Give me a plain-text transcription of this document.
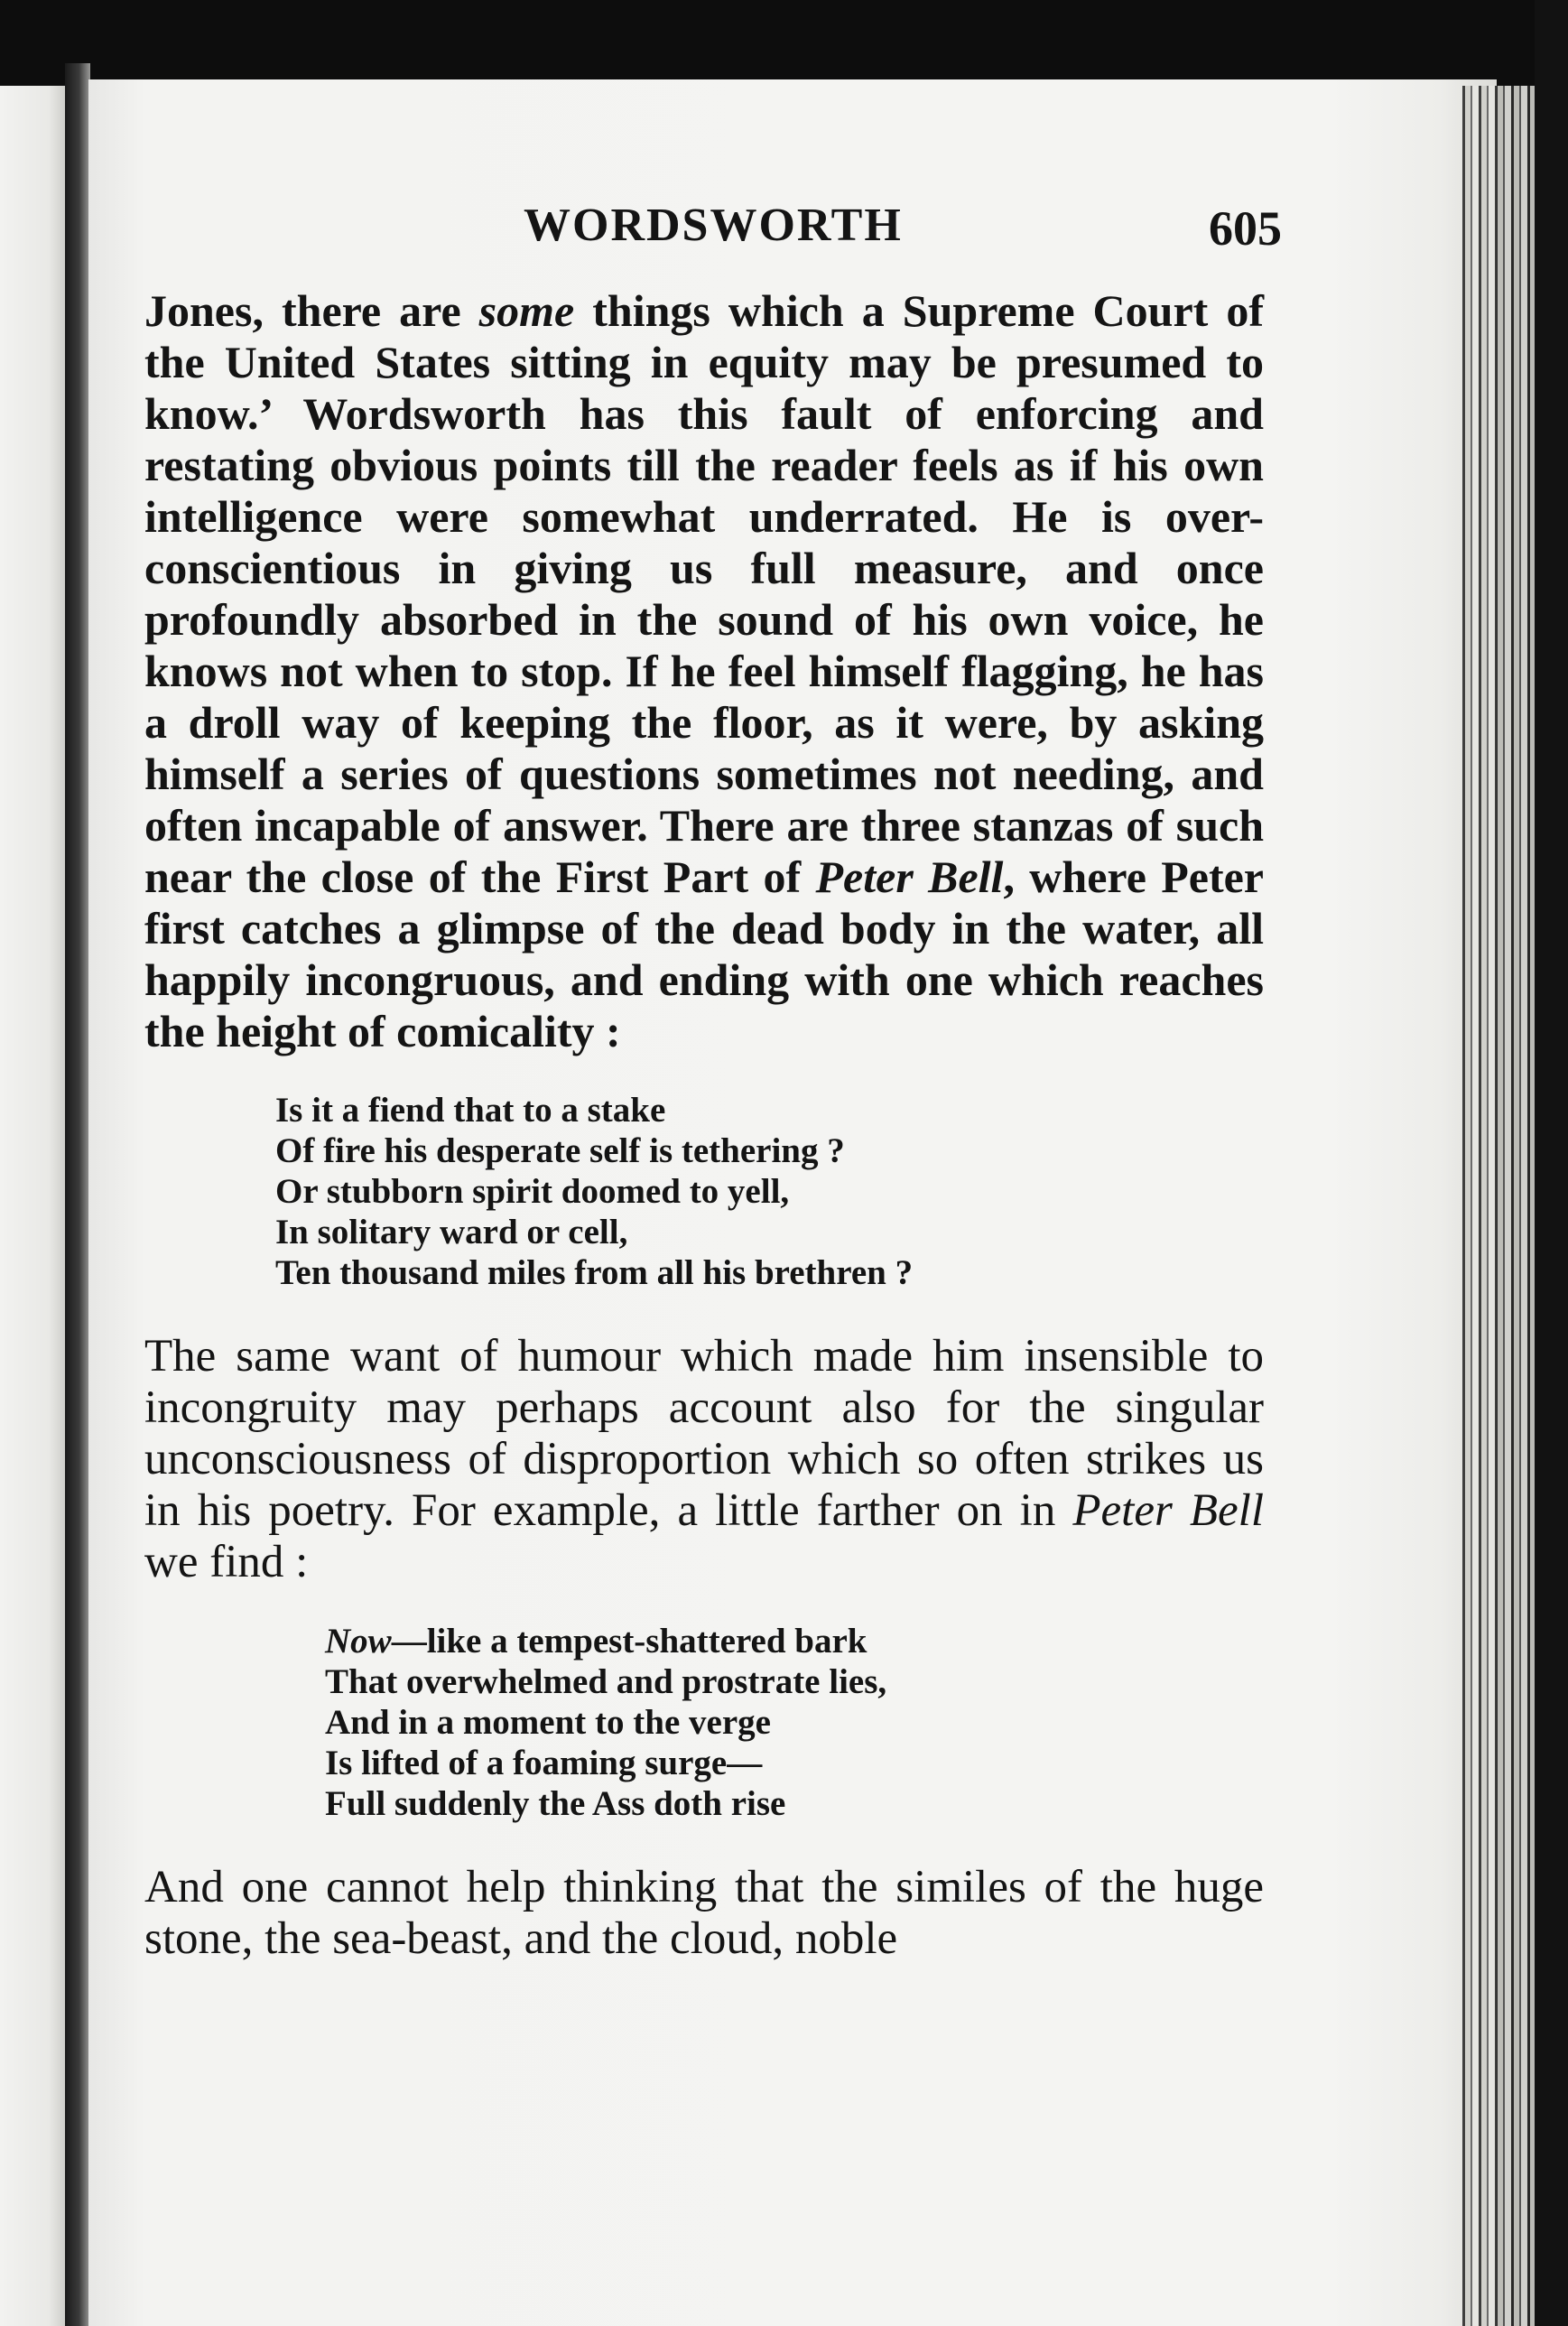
WORDSWORTH	605

Jones, there are some things which a Supreme Court of the United States sitting in equity may be presumed to know.’ Wordsworth has this fault of enforcing and restating obvious points till the reader feels as if his own intelligence were somewhat underrated. He is over-conscientious in giving us full measure, and once profoundly absorbed in the sound of his own voice, he knows not when to stop. If he feel himself flagging, he has a droll way of keeping the floor, as it were, by asking himself a series of questions sometimes not needing, and often incapable of answer. There are three stanzas of such near the close of the First Part of Peter Bell, where Peter first catches a glimpse of the dead body in the water, all happily incongruous, and ending with one which reaches the height of comicality :

Is it a fiend that to a stake
Of fire his desperate self is tethering ?
Or stubborn spirit doomed to yell,
In solitary ward or cell,
Ten thousand miles from all his brethren ?

The same want of humour which made him insensible to incongruity may perhaps account also for the singular unconsciousness of disproportion which so often strikes us in his poetry. For example, a little farther on in Peter Bell we find :

Now—like a tempest-shattered bark
That overwhelmed and prostrate lies,
And in a moment to the verge
Is lifted of a foaming surge—
Full suddenly the Ass doth rise

And one cannot help thinking that the similes of the huge stone, the sea-beast, and the cloud, noble
